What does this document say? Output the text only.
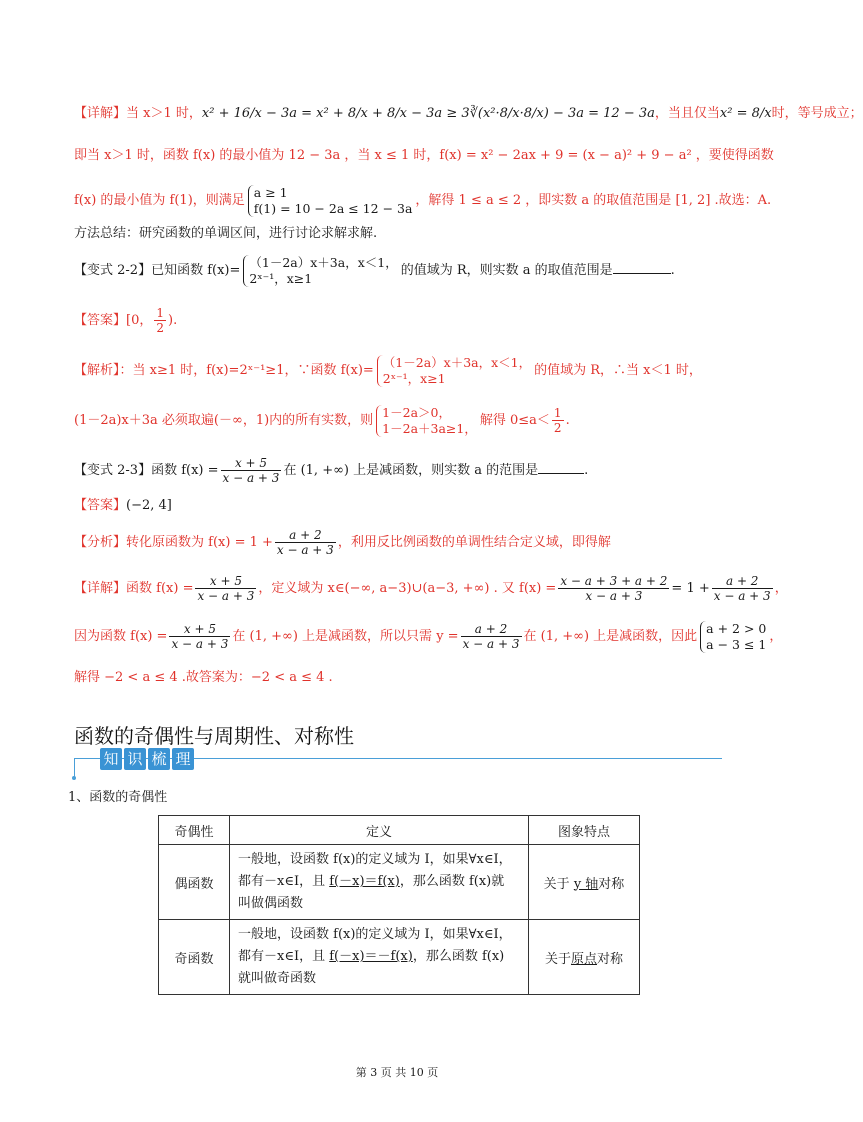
【详解】当 x＞1 时，x² + 16/x − 3a = x² + 8/x + 8/x − 3a ≥ 3∛(x²·8/x·8/x) − 3a = 12 − 3a，当且仅当x² = 8/x时，等号成立；
即当 x＞1 时，函数 f(x) 的最小值为 12 − 3a ，当 x ≤ 1 时，f(x) = x² − 2ax + 9 = (x − a)² + 9 − a² ，要使得函数
f(x) 的最小值为 f(1)，则满足
a ≥ 1
f(1) = 10 − 2a ≤ 12 − 3a ，解得 1 ≤ a ≤ 2 ，即实数 a 的取值范围是 [1, 2] .故选：A.
方法总结：研究函数的单调区间，进行讨论求解求解.
【变式 2-2】已知函数 f(x)=
（1－2a）x＋3a，x＜1，
2ˣ⁻¹，x≥1	的值域为 R，则实数 a 的取值范围是	.
【答案】[0， $\frac{1}{2}$ ).
【解析】：当 x≥1 时，f(x)=2ˣ⁻¹≥1，∵函数 f(x)=
（1－2a）x＋3a，x＜1，
2ˣ⁻¹，x≥1	的值域为 R，∴当 x＜1 时，
(1－2a)x＋3a 必须取遍(－∞，1)内的所有实数，则
1－2a＞0，
1－2a＋3a≥1， 解得 $0\le a< \frac{1}{2}$ .
【变式 2-3】函数 $f(x) = \frac{x + 5}{x - a + 3}$ 在 (1, +∞) 上是减函数，则实数 a 的范围是	.
【答案】(−2, 4]
【分析】转化原函数为 $f(x) = 1 + \frac{a + 2}{x - a + 3}$ ，利用反比例函数的单调性结合定义域，即得解
【详解】函数 $f(x) = \frac{x + 5}{x - a + 3}$ ，定义域为 x∈(−∞, a−3)∪(a−3, +∞) . 又 $f(x) = \frac{x - a + 3 + a + 2}{x - a + 3} = 1 + \frac{a + 2}{x - a + 3}$ ，
因为函数 $f(x) = \frac{x + 5}{x - a + 3}$ 在 (1, +∞) 上是减函数，所以只需 $y = \frac{a + 2}{x - a + 3}$ 在 (1, +∞) 上是减函数，因此
a + 2 > 0
a − 3 ≤ 1 ，
解得 −2 < a ≤ 4 .故答案为：−2 < a ≤ 4 .
函数的奇偶性与周期性、对称性
知 识 梳 理
1、函数的奇偶性
奇偶性	定义	图象特点
偶函数	一般地，设函数 f(x)的定义域为 I，如果∀x∈I，
都有－x∈I，且 f(－x)＝f(x)，那么函数 f(x)就
叫做偶函数	关于 y 轴对称
奇函数	一般地，设函数 f(x)的定义域为 I，如果∀x∈I，
都有－x∈I，且 f(－x)＝－f(x)，那么函数 f(x)
就叫做奇函数	关于原点对称
第 3 页 共 10 页
